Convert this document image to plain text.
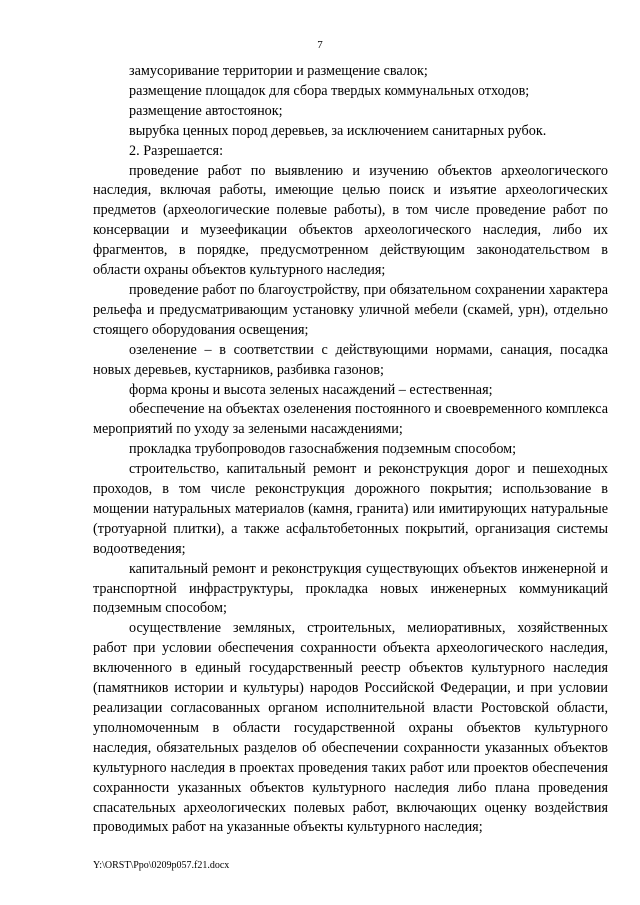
7

замусоривание территории и размещение свалок;

размещение площадок для сбора твердых коммунальных отходов;

размещение автостоянок;

вырубка ценных пород деревьев, за исключением санитарных рубок.

2. Разрешается:

проведение работ по выявлению и изучению объектов археологического наследия, включая работы, имеющие целью поиск и изъятие археологических предметов (археологические полевые работы), в том числе проведение работ по консервации и музеефикации объектов археологического наследия, либо их фрагментов, в порядке, предусмотренном действующим законодательством в области охраны объектов культурного наследия;

проведение работ по благоустройству, при обязательном сохранении характера рельефа и предусматривающим установку уличной мебели (скамей, урн), отдельно стоящего оборудования освещения;

озеленение – в соответствии с действующими нормами, санация, посадка новых деревьев, кустарников, разбивка газонов;

форма кроны и высота зеленых насаждений – естественная;

обеспечение на объектах озеленения постоянного и своевременного комплекса мероприятий по уходу за зелеными насаждениями;

прокладка трубопроводов газоснабжения подземным способом;

строительство, капитальный ремонт и реконструкция дорог и пешеходных проходов, в том числе реконструкция дорожного покрытия; использование в мощении натуральных материалов (камня, гранита) или имитирующих натуральные (тротуарной плитки), а также асфальтобетонных покрытий, организация системы водоотведения;

капитальный ремонт и реконструкция существующих объектов инженерной и транспортной инфраструктуры, прокладка новых инженерных коммуникаций подземным способом;

осуществление земляных, строительных, мелиоративных, хозяйственных работ при условии обеспечения сохранности объекта археологического наследия, включенного в единый государственный реестр объектов культурного наследия (памятников истории и культуры) народов Российской Федерации, и при условии реализации согласованных органом исполнительной власти Ростовской области, уполномоченным в области государственной охраны объектов культурного наследия, обязательных разделов об обеспечении сохранности указанных объектов культурного наследия в проектах проведения таких работ или проектов обеспечения сохранности указанных объектов культурного наследия либо плана проведения спасательных археологических полевых работ, включающих оценку воздействия проводимых работ на указанные объекты культурного наследия;

Y:\ORST\Ppo\0209p057.f21.docx
